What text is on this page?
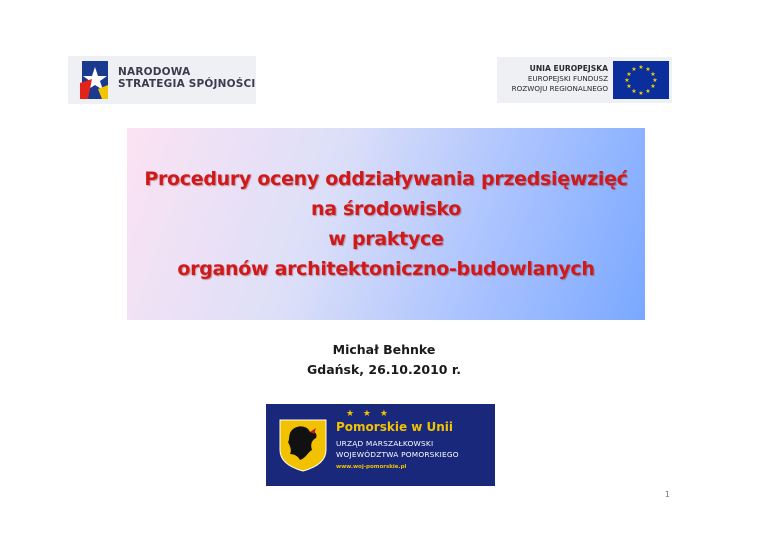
NARODOWA
STRATEGIA SPÓJNOŚCI
UNIA EUROPEJSKA
EUROPEJSKI FUNDUSZ
ROZWOJU REGIONALNEGO
★ ★
★
★
★
★
★
★
★
★
★
★
Procedury oceny oddziaływania przedsięwzięć
na środowisko
w praktyce
organów architektoniczno-budowlanych
Michał Behnke
Gdańsk, 26.10.2010 r.
★ ★ ★
Pomorskie w Unii
URZĄD MARSZAŁKOWSKI
WOJEWÓDZTWA POMORSKIEGO
www.woj-pomorskie.pl
1
